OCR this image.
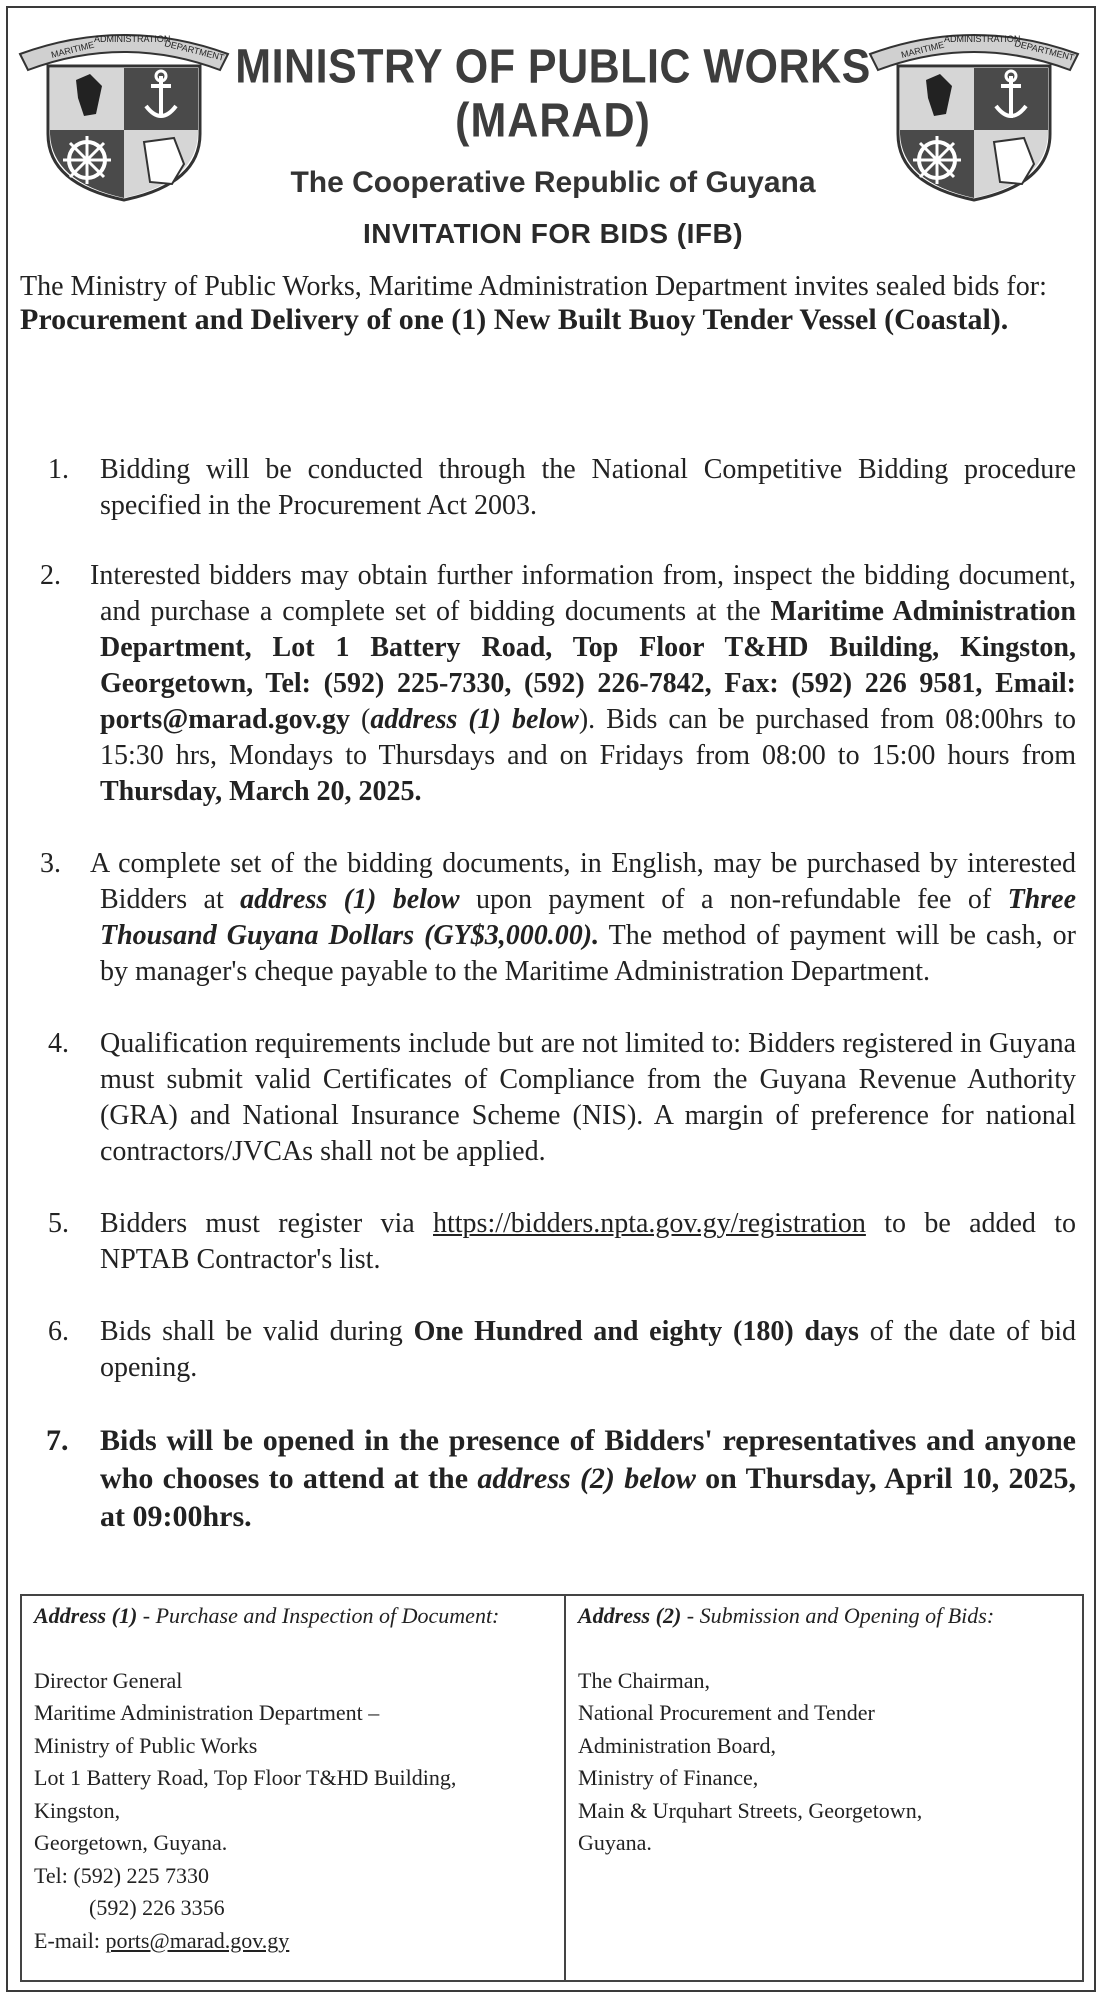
MARITIME
ADMINISTRATION
DEPARTMENT	MARITIME
ADMINISTRATION
DEPARTMENT
MINISTRY OF PUBLIC WORKS
(MARAD)
The Cooperative Republic of Guyana
INVITATION FOR BIDS (IFB)
The Ministry of Public Works, Maritime Administration Department invites sealed bids for: Procurement and Delivery of one (1) New Built Buoy Tender Vessel (Coastal).
1. Bidding will be conducted through the National Competitive Bidding procedure specified in the Procurement Act 2003.
2. Interested bidders may obtain further information from, inspect the bidding document, and purchase a complete set of bidding documents at the Maritime Administration Department, Lot 1 Battery Road, Top Floor T&HD Building, Kingston, Georgetown, Tel: (592) 225-7330, (592) 226-7842, Fax: (592) 226 9581, Email: ports@marad.gov.gy (address (1) below). Bids can be purchased from 08:00hrs to 15:30 hrs, Mondays to Thursdays and on Fridays from 08:00 to 15:00 hours from Thursday, March 20, 2025.
3. A complete set of the bidding documents, in English, may be purchased by interested Bidders at address (1) below upon payment of a non-refundable fee of Three Thousand Guyana Dollars (GY$3,000.00). The method of payment will be cash, or by manager's cheque payable to the Maritime Administration Department.
4. Qualification requirements include but are not limited to: Bidders registered in Guyana must submit valid Certificates of Compliance from the Guyana Revenue Authority (GRA) and National Insurance Scheme (NIS). A margin of preference for national contractors/JVCAs shall not be applied.
5. Bidders must register via https://bidders.npta.gov.gy/registration to be added to NPTAB Contractor's list.
6. Bids shall be valid during One Hundred and eighty (180) days of the date of bid opening.
7. Bids will be opened in the presence of Bidders' representatives and anyone who chooses to attend at the address (2) below on Thursday, April 10, 2025, at 09:00hrs.
Address (1) - Purchase and Inspection of Document:
Director General
Maritime Administration Department –
Ministry of Public Works
Lot 1 Battery Road, Top Floor T&HD Building,
Kingston,
Georgetown, Guyana.
Tel: (592) 225 7330
(592) 226 3356
E-mail: ports@marad.gov.gy
Address (2) - Submission and Opening of Bids:
The Chairman,
National Procurement and Tender
Administration Board,
Ministry of Finance,
Main & Urquhart Streets, Georgetown,
Guyana.
